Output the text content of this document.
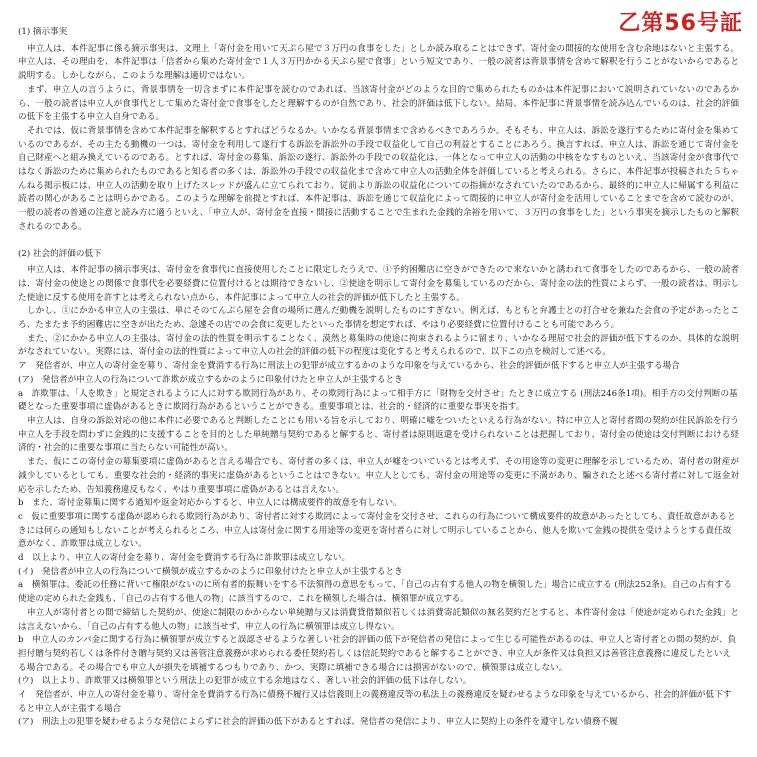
乙第56号証
(1) 摘示事実

申立人は、本件記事に係る摘示事実は、文理上「寄付金を用いて天ぷら屋で３万円の食事をした」としか読み取ることはできず、寄付金の間接的な使用を含む余地はないと主張する。申立人は、その理由を、本件記事は「信者から集めた寄付金で１人３万円かかる天ぷら屋で食事」という短文であり、一般の読者は背景事情を含めて解釈を行うことがないからであると説明する。しかしながら、このような理解は適切ではない。

まず、申立人の言うように、背景事情を一切含まずに本件記事を読むのであれば、当該寄付金がどのような目的で集められたものかは本件記事において説明されていないのであるから、一般の読者は申立人が食事代として集めた寄付金で食事をしたと理解するのが自然であり、社会的評価は低下しない。結局、本件記事に背景事情を読み込んでいるのは、社会的評価の低下を主張する申立人自身である。

それでは、仮に背景事情を含めて本件記事を解釈するとすればどうなるか。いかなる背景事情まで含めるべきであろうか。そもそも、申立人は、訴訟を遂行するために寄付金を集めているのであるが、その主たる動機の一つは、寄付金を利用して遂行する訴訟を訴訟外の手段で収益化して自己の利益とすることにあろう。換言すれば、申立人は、訴訟を通じて寄付金を自己財産へと組み換えているのである。とすれば、寄付金の募集、訴訟の遂行、訴訟外の手段での収益化は、一体となって申立人の活動の中核をなすものといえ、当該寄付金が食事代ではなく訴訟のために集められたものであると知る者の多くは、訴訟外の手段での収益化まで含めて申立人の活動全体を評価していると考えられる。さらに、本件記事が投稿された５ちゃんねる掲示板には、申立人の活動を取り上げたスレッドが盛んに立てられており、従前より訴訟の収益化についての指摘がなされていたのであるから、最終的に申立人に帰属する利益に読者の関心があることは明らかである。このような理解を前提とすれば、本件記事は、訴訟を通じて収益化によって間接的に申立人が寄付金を活用していることまでを含めて読むのが、一般の読者の普通の注意と読み方に適うといえ、「申立人が、寄付金を直接・間接に活動することで生まれた金銭的余裕を用いて、３万円の食事をした」という事実を摘示したものと解釈されるのである。

(2) 社会的評価の低下

申立人は、本件記事の摘示事実は、寄付金を食事代に直接使用したことに限定したうえで、①予約困難店に空きができたので来ないかと誘われて食事をしたのであるから、一般の読者は、寄付金の使途との関係で食事代を必要経費に位置付けるとは期待できないし、②使途を明示して寄付金を募集しているのだから、寄付金の法的性質によらず、一般の読者は、明示した使途に反する使用を許すとは考えられない点から、本件記事によって申立人の社会的評価が低下したと主張する。

しかし、①にかかる申立人の主張は、単にそのてんぷら屋を会食の場所に選んだ動機を説明したものにすぎない。例えば、もともと弁護士との打合せを兼ねた会食の予定があったところ、たまたま予約困難店に空きが出たため、急遽その店での会食に変更したといった事情を想定すれば、やはり必要経費に位置付けることも可能であろう。

また、②にかかる申立人の主張は、寄付金の法的性質を明示することなく、漠然と募集時の使途に拘束されるように留まり、いかなる理屈で社会的評価が低下するのか、具体的な説明がなされていない。実際には、寄付金の法的性質によって申立人の社会的評価の低下の程度は変化すると考えられるので、以下この点を検討して述べる。

ア　発信者が、申立人の寄付金を募り、寄付金を費消する行為に刑法上の犯罪が成立するかのような印象を与えているから、社会的評価が低下すると申立人が主張する場合

(ア)　発信者が申立人の行為について詐欺が成立するかのように印象付けたと申立人が主張するとき

a　詐欺罪は、「人を欺き」と規定されるように人に対する欺罔行為があり、その欺罔行為によって相手方に「財物を交付させ」たときに成立する (刑法246条1項)。相手方の交付判断の基礎となった重要事項に虚偽があるときに欺罔行為があるということができる。重要事項とは、社会的・経済的に重要な事実を指す。

申立人は、自身の訴訟対応の他に本件に必要であると判断したことにも用いる旨を示しており、明確に嘘をついたといえる行為がない。特に申立人と寄付者間の契約が住民訴訟を行う申立人を手段を問わずに金銭的に支援することを目的とした単純贈与契約であると解すると、寄付者は原則返還を受けられないことは把握しており、寄付金の使途は交付判断における経済的・社会的に重要な事項に当たらない可能性が高い。

また、仮にこの寄付金の募集要項に虚偽があると言える場合でも、寄付者の多くは、申立人が嘘をついているとは考えず、その用途等の変更に理解を示しているため、寄付者の財産が減少しているとしても、重要な社会的・経済的事実に虚偽があるということはできない。申立人としても、寄付金の用途等の変更に不満があり、騙されたと述べる寄付者に対して返金対応を示したため、告知義務違反もなく、やはり重要事項に虚偽があるとは言えない。

b　また、寄付金募集に関する過知や返金対応からすると、申立人には構成要件的故意を有しない。

c　仮に重要事項に関する虚偽が認められる欺罔行為があり、寄付者に対する欺罔によって寄付金を交付させ、これらの行為について構成要件的故意があったとしても、責任故意があるときには何らの通知もしないことが考えられるところ、申立人は寄付金に関する用途等の変更を寄付者らに対して明示していることから、他人を欺いて金銭の提供を受けようとする責任故意がなく、詐欺罪は成立しない。

d　以上より、申立人の寄付金を募り、寄付金を費消する行為に詐欺罪は成立しない。

(イ)　発信者が申立人の行為について横領が成立するかのように印象付けたと申立人が主張するとき

a　横領罪は、委託の任務に背いて権限がないのに所有者的振舞いをする不法領得の意思をもって、「自己の占有する他人の物を横領した」場合に成立する (刑法252条)。自己の占有する使途の定められた金銭も、「自己の占有する他人の物」に該当するので、これを横領した場合は、横領罪が成立する。

申立人が寄付者との間で締結した契約が、使途に制限のかからない単純贈与又は消費貸借類似若しくは消費寄託類似の無名契約だとすると、本件寄付金は「使途が定められた金銭」とは言えないから、「自己の占有する他人の物」に該当せず、申立人の行為に横領罪は成立し得ない。

b　申立人のカンパ金に関する行為に横領罪が成立すると誤認させるような著しい社会的評価の低下が発信者の発信によって生じる可能性があるのは、申立人と寄付者との間の契約が、負担付贈与契約若しくは条件付き贈与契約又は善管注意義務が求められる委任契約若しくは信託契約であると解することができ、申立人が条件又は負担又は善管注意義務に違反したといえる場合である。その場合でも申立人が損失を填補するつもりであり、かつ、実際に填補できる場合には損害がないので、横領罪は成立しない。

(ウ)　以上より、詐欺罪又は横領罪という刑法上の犯罪が成立する余地はなく、著しい社会的評価の低下は存しない。

イ　発信者が、申立人の寄付金を募り、寄付金を費消する行為に債務不履行又は信義則上の義務違反等の私法上の義務違反を疑わせるような印象を与えているから、社会的評価が低下すると申立人が主張する場合

(ア)　刑法上の犯罪を疑わせるような発信によらずに社会的評価の低下があるとすれば、発信者の発信により、申立人に契約上の条件を遵守しない債務不履
